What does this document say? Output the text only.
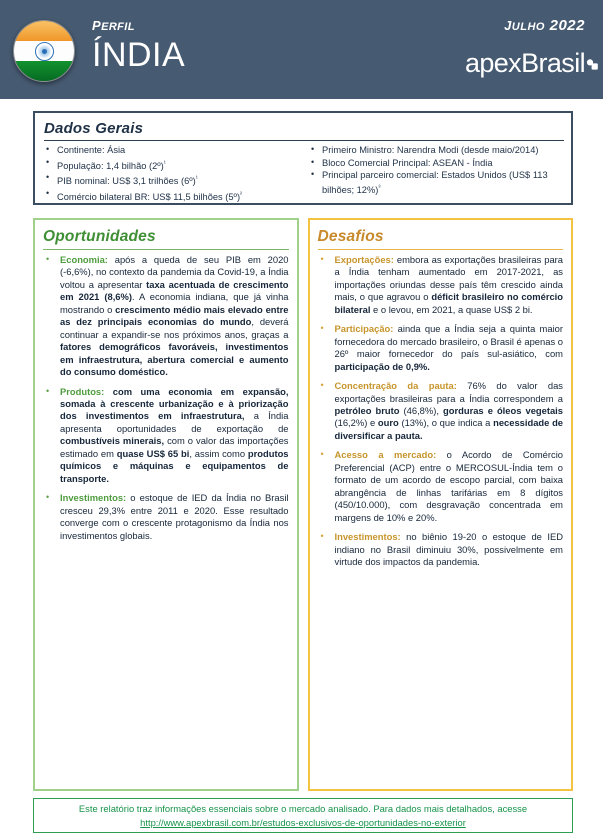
perfil
ÍNDIA
julho 2022
apexBrasil
Dados Gerais
• Continente: Ásia
• População: 1,4 bilhão (2º)$^{^1}$
• PIB nominal: US$ 3,1 trilhões (6º)$^{^1}$
• Comércio bilateral BR: US$ 11,5 bilhões (5º)$^{^2}$
• Primeiro Ministro: Narendra Modi (desde maio/2014)
• Bloco Comercial Principal: ASEAN - Índia
• Principal parceiro comercial: Estados Unidos (US$ 113 bilhões; 12%)$^{^3}$
Oportunidades
• Economia: após a queda de seu PIB em 2020 (-6,6%), no contexto da pandemia da Covid-19, a Índia voltou a apresentar taxa acentuada de crescimento em 2021 (8,6%). A economia indiana, que já vinha mostrando o crescimento médio mais elevado entre as dez principais economias do mundo, deverá continuar a expandir-se nos próximos anos, graças a fatores demográficos favoráveis, investimentos em infraestrutura, abertura comercial e aumento do consumo doméstico.
• Produtos: com uma economia em expansão, somada à crescente urbanização e à priorização dos investimentos em infraestrutura, a Índia apresenta oportunidades de exportação de combustíveis minerais, com o valor das importações estimado em quase US$ 65 bi, assim como produtos químicos e máquinas e equipamentos de transporte.
• Investimentos: o estoque de IED da Índia no Brasil cresceu 29,3% entre 2011 e 2020. Esse resultado converge com o crescente protagonismo da Índia nos investimentos globais.
Desafios
• Exportações: embora as exportações brasileiras para a Índia tenham aumentado em 2017-2021, as importações oriundas desse país têm crescido ainda mais, o que agravou o déficit brasileiro no comércio bilateral e o levou, em 2021, a quase US$ 2 bi.
• Participação: ainda que a Índia seja a quinta maior fornecedora do mercado brasileiro, o Brasil é apenas o 26º maior fornecedor do país sul-asiático, com participação de 0,9%.
• Concentração da pauta: 76% do valor das exportações brasileiras para a Índia correspondem a petróleo bruto (46,8%), gorduras e óleos vegetais (16,2%) e ouro (13%), o que indica a necessidade de diversificar a pauta.
• Acesso a mercado: o Acordo de Comércio Preferencial (ACP) entre o MERCOSUL-Índia tem o formato de um acordo de escopo parcial, com baixa abrangência de linhas tarifárias em 8 dígitos (450/10.000), com desgravação concentrada em margens de 10% e 20%.
• Investimentos: no biênio 19-20 o estoque de IED indiano no Brasil diminuiu 30%, possivelmente em virtude dos impactos da pandemia.
Este relatório traz informações essenciais sobre o mercado analisado. Para dados mais detalhados, acesse http://www.apexbrasil.com.br/estudos-exclusivos-de-oportunidades-no-exterior
